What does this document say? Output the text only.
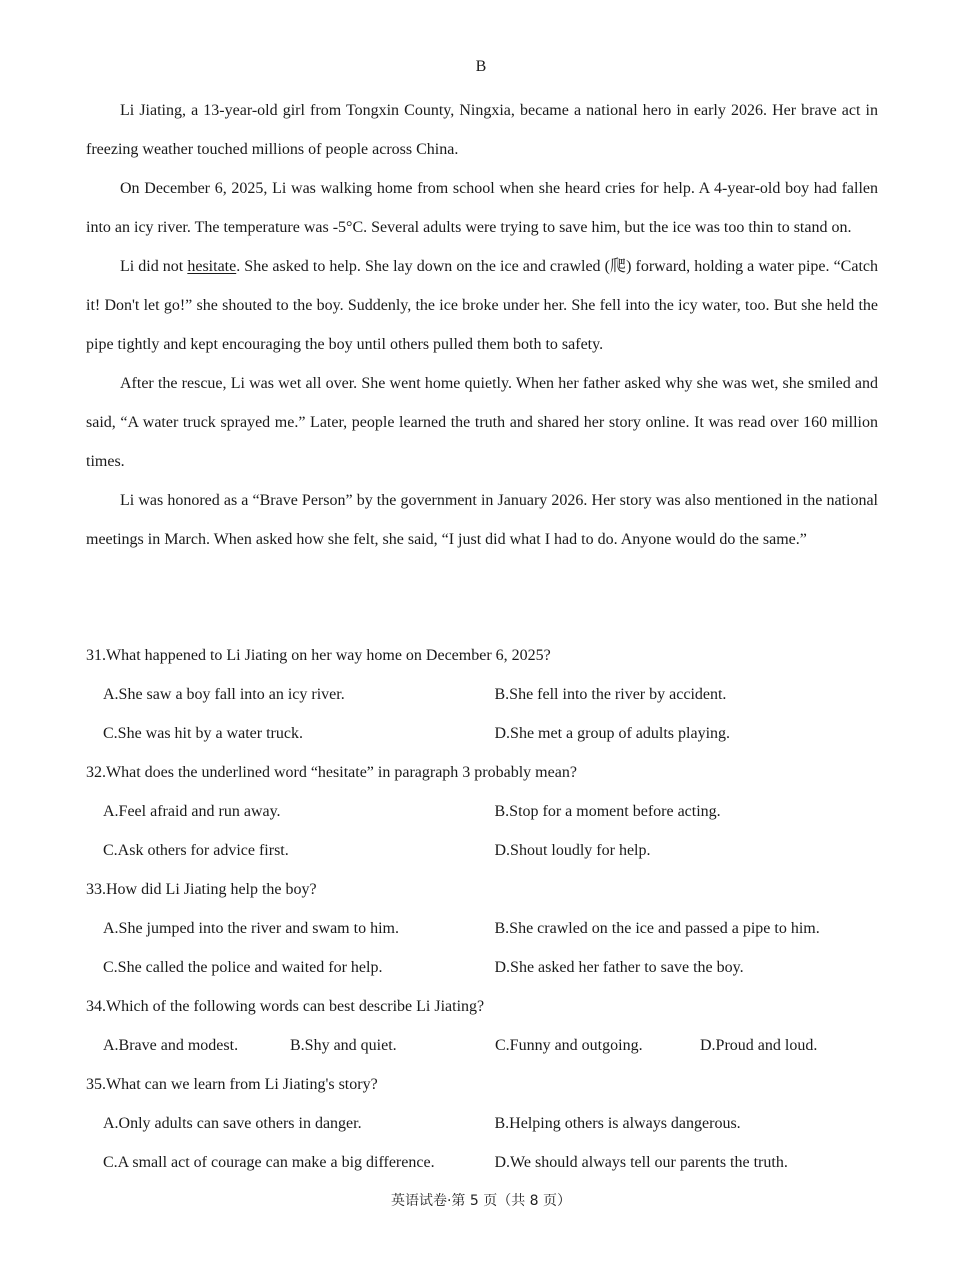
B

Li Jiating, a 13-year-old girl from Tongxin County, Ningxia, became a national hero in early 2026. Her brave act in freezing weather touched millions of people across China.

On December 6, 2025, Li was walking home from school when she heard cries for help. A 4-year-old boy had fallen into an icy river. The temperature was -5°C. Several adults were trying to save him, but the ice was too thin to stand on.

Li did not hesitate. She asked to help. She lay down on the ice and crawled (爬) forward, holding a water pipe. “Catch it! Don't let go!” she shouted to the boy. Suddenly, the ice broke under her. She fell into the icy water, too. But she held the pipe tightly and kept encouraging the boy until others pulled them both to safety.

After the rescue, Li was wet all over. She went home quietly. When her father asked why she was wet, she smiled and said, “A water truck sprayed me.” Later, people learned the truth and shared her story online. It was read over 160 million times.

Li was honored as a “Brave Person” by the government in January 2026. Her story was also mentioned in the national meetings in March. When asked how she felt, she said, “I just did what I had to do. Anyone would do the same.”

31.What happened to Li Jiating on her way home on December 6, 2025?
A.She saw a boy fall into an icy river.	B.She fell into the river by accident.
C.She was hit by a water truck.	D.She met a group of adults playing.
32.What does the underlined word “hesitate” in paragraph 3 probably mean?
A.Feel afraid and run away.	B.Stop for a moment before acting.
C.Ask others for advice first.	D.Shout loudly for help.
33.How did Li Jiating help the boy?
A.She jumped into the river and swam to him.	B.She crawled on the ice and passed a pipe to him.
C.She called the police and waited for help.	D.She asked her father to save the boy.
34.Which of the following words can best describe Li Jiating?
A.Brave and modest.	B.Shy and quiet.	C.Funny and outgoing.	D.Proud and loud.
35.What can we learn from Li Jiating's story?
A.Only adults can save others in danger.	B.Helping others is always dangerous.
C.A small act of courage can make a big difference.	D.We should always tell our parents the truth.
英语试卷·第 5 页（共 8 页）
